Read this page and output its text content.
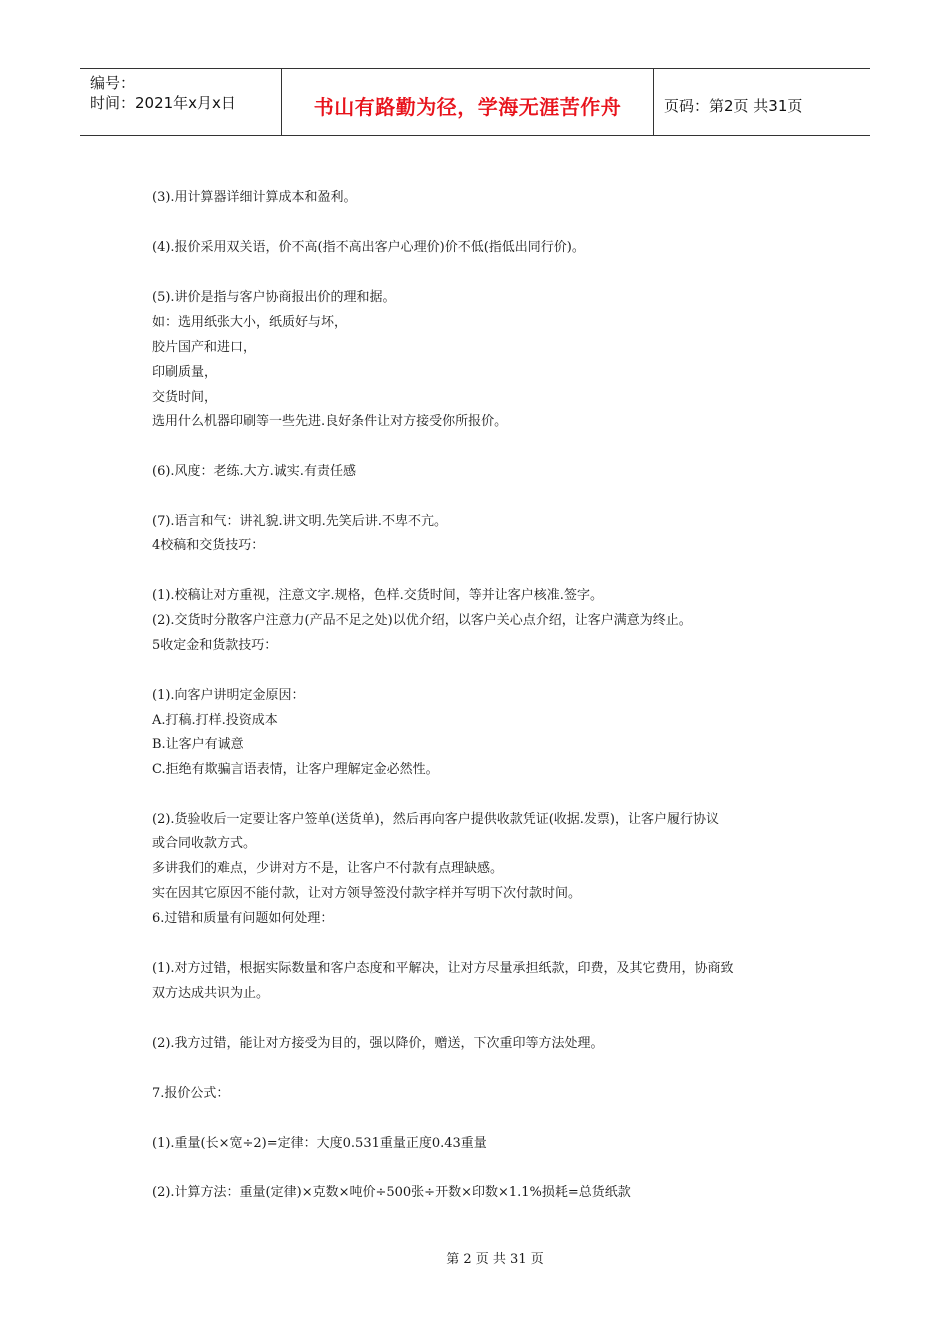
编号：
时间：2021年x月x日	书山有路勤为径，学海无涯苦作舟	页码：第2页 共31页
(3).用计算器详细计算成本和盈利。
(4).报价采用双关语，价不高(指不高出客户心理价)价不低(指低出同行价)。
(5).讲价是指与客户协商报出价的理和据。
如：选用纸张大小，纸质好与坏，
胶片国产和进口，
印刷质量，
交货时间，
选用什么机器印刷等一些先进.良好条件让对方接受你所报价。
(6).风度：老练.大方.诚实.有责任感
(7).语言和气：讲礼貌.讲文明.先笑后讲.不卑不亢。
4校稿和交货技巧：
(1).校稿让对方重视，注意文字.规格，色样.交货时间，等并让客户核准.签字。
(2).交货时分散客户注意力(产品不足之处)以优介绍，以客户关心点介绍，让客户满意为终止。
5收定金和货款技巧：
(1).向客户讲明定金原因：
A.打稿.打样.投资成本
B.让客户有诚意
C.拒绝有欺骗言语表情，让客户理解定金必然性。
(2).货验收后一定要让客户签单(送货单)，然后再向客户提供收款凭证(收据.发票)，让客户履行协议
或合同收款方式。
多讲我们的难点，少讲对方不是，让客户不付款有点理缺感。
实在因其它原因不能付款，让对方领导签没付款字样并写明下次付款时间。
6.过错和质量有问题如何处理：
(1).对方过错，根据实际数量和客户态度和平解决，让对方尽量承担纸款，印费，及其它费用，协商致
双方达成共识为止。
(2).我方过错，能让对方接受为目的，强以降价，赠送，下次重印等方法处理。
7.报价公式：
(1).重量(长×宽÷2)=定律：大度0.531重量正度0.43重量
(2).计算方法：重量(定律)×克数×吨价÷500张÷开数×印数×1.1%损耗=总货纸款
第 2 页 共 31 页
